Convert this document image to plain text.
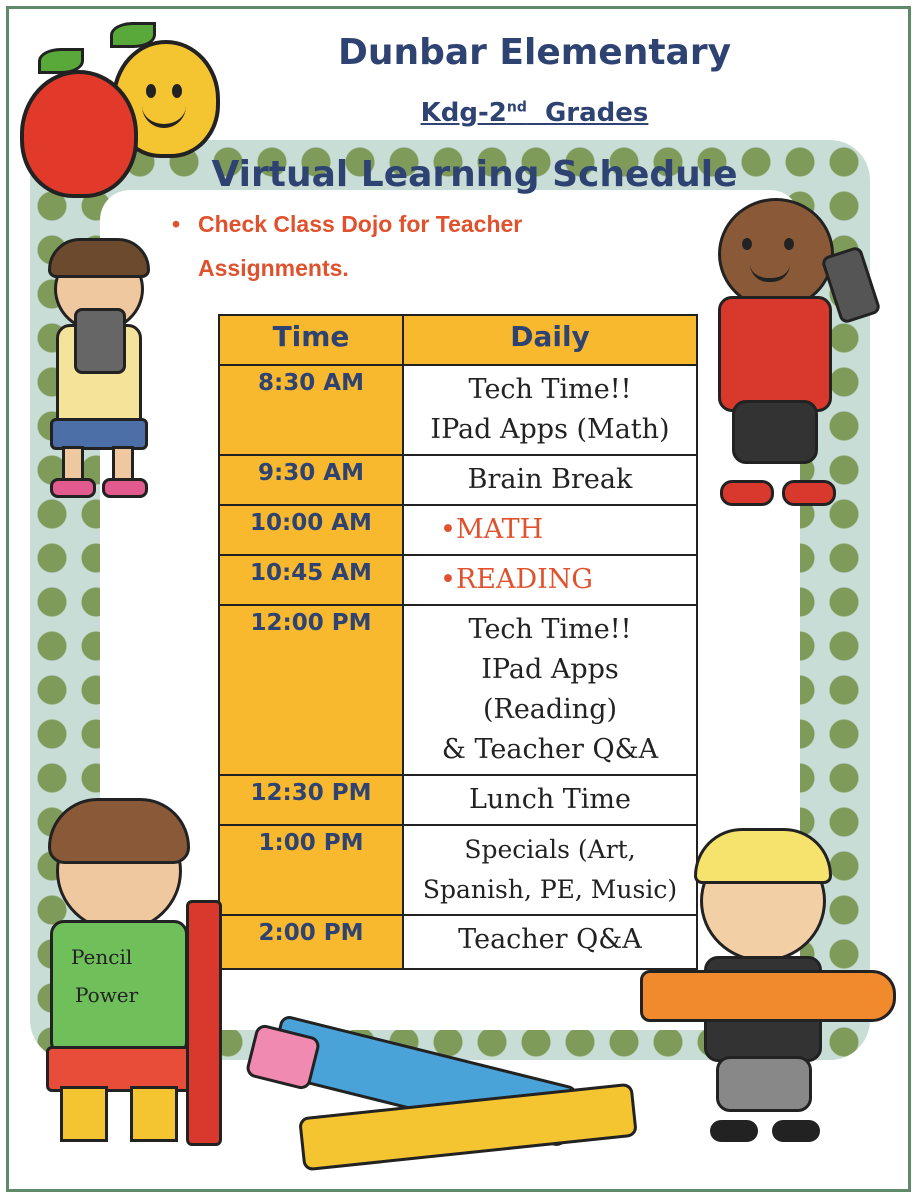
Dunbar Elementary
Kdg-2nd  Grades
Virtual Learning Schedule
• Check Class Dojo for Teacher
Assignments.
Time	Daily
8:30 AM	Tech Time!!
IPad Apps (Math)

9:30 AM	Brain Break

10:00 AM	• MATH
10:45 AM	• READING
12:00 PM	Tech Time!!
IPad Apps
(Reading)
& Teacher Q&A

12:30 PM	Lunch Time

1:00 PM	Specials (Art,
Spanish, PE, Music)

2:00 PM	Teacher Q&A
Pencil
Power
